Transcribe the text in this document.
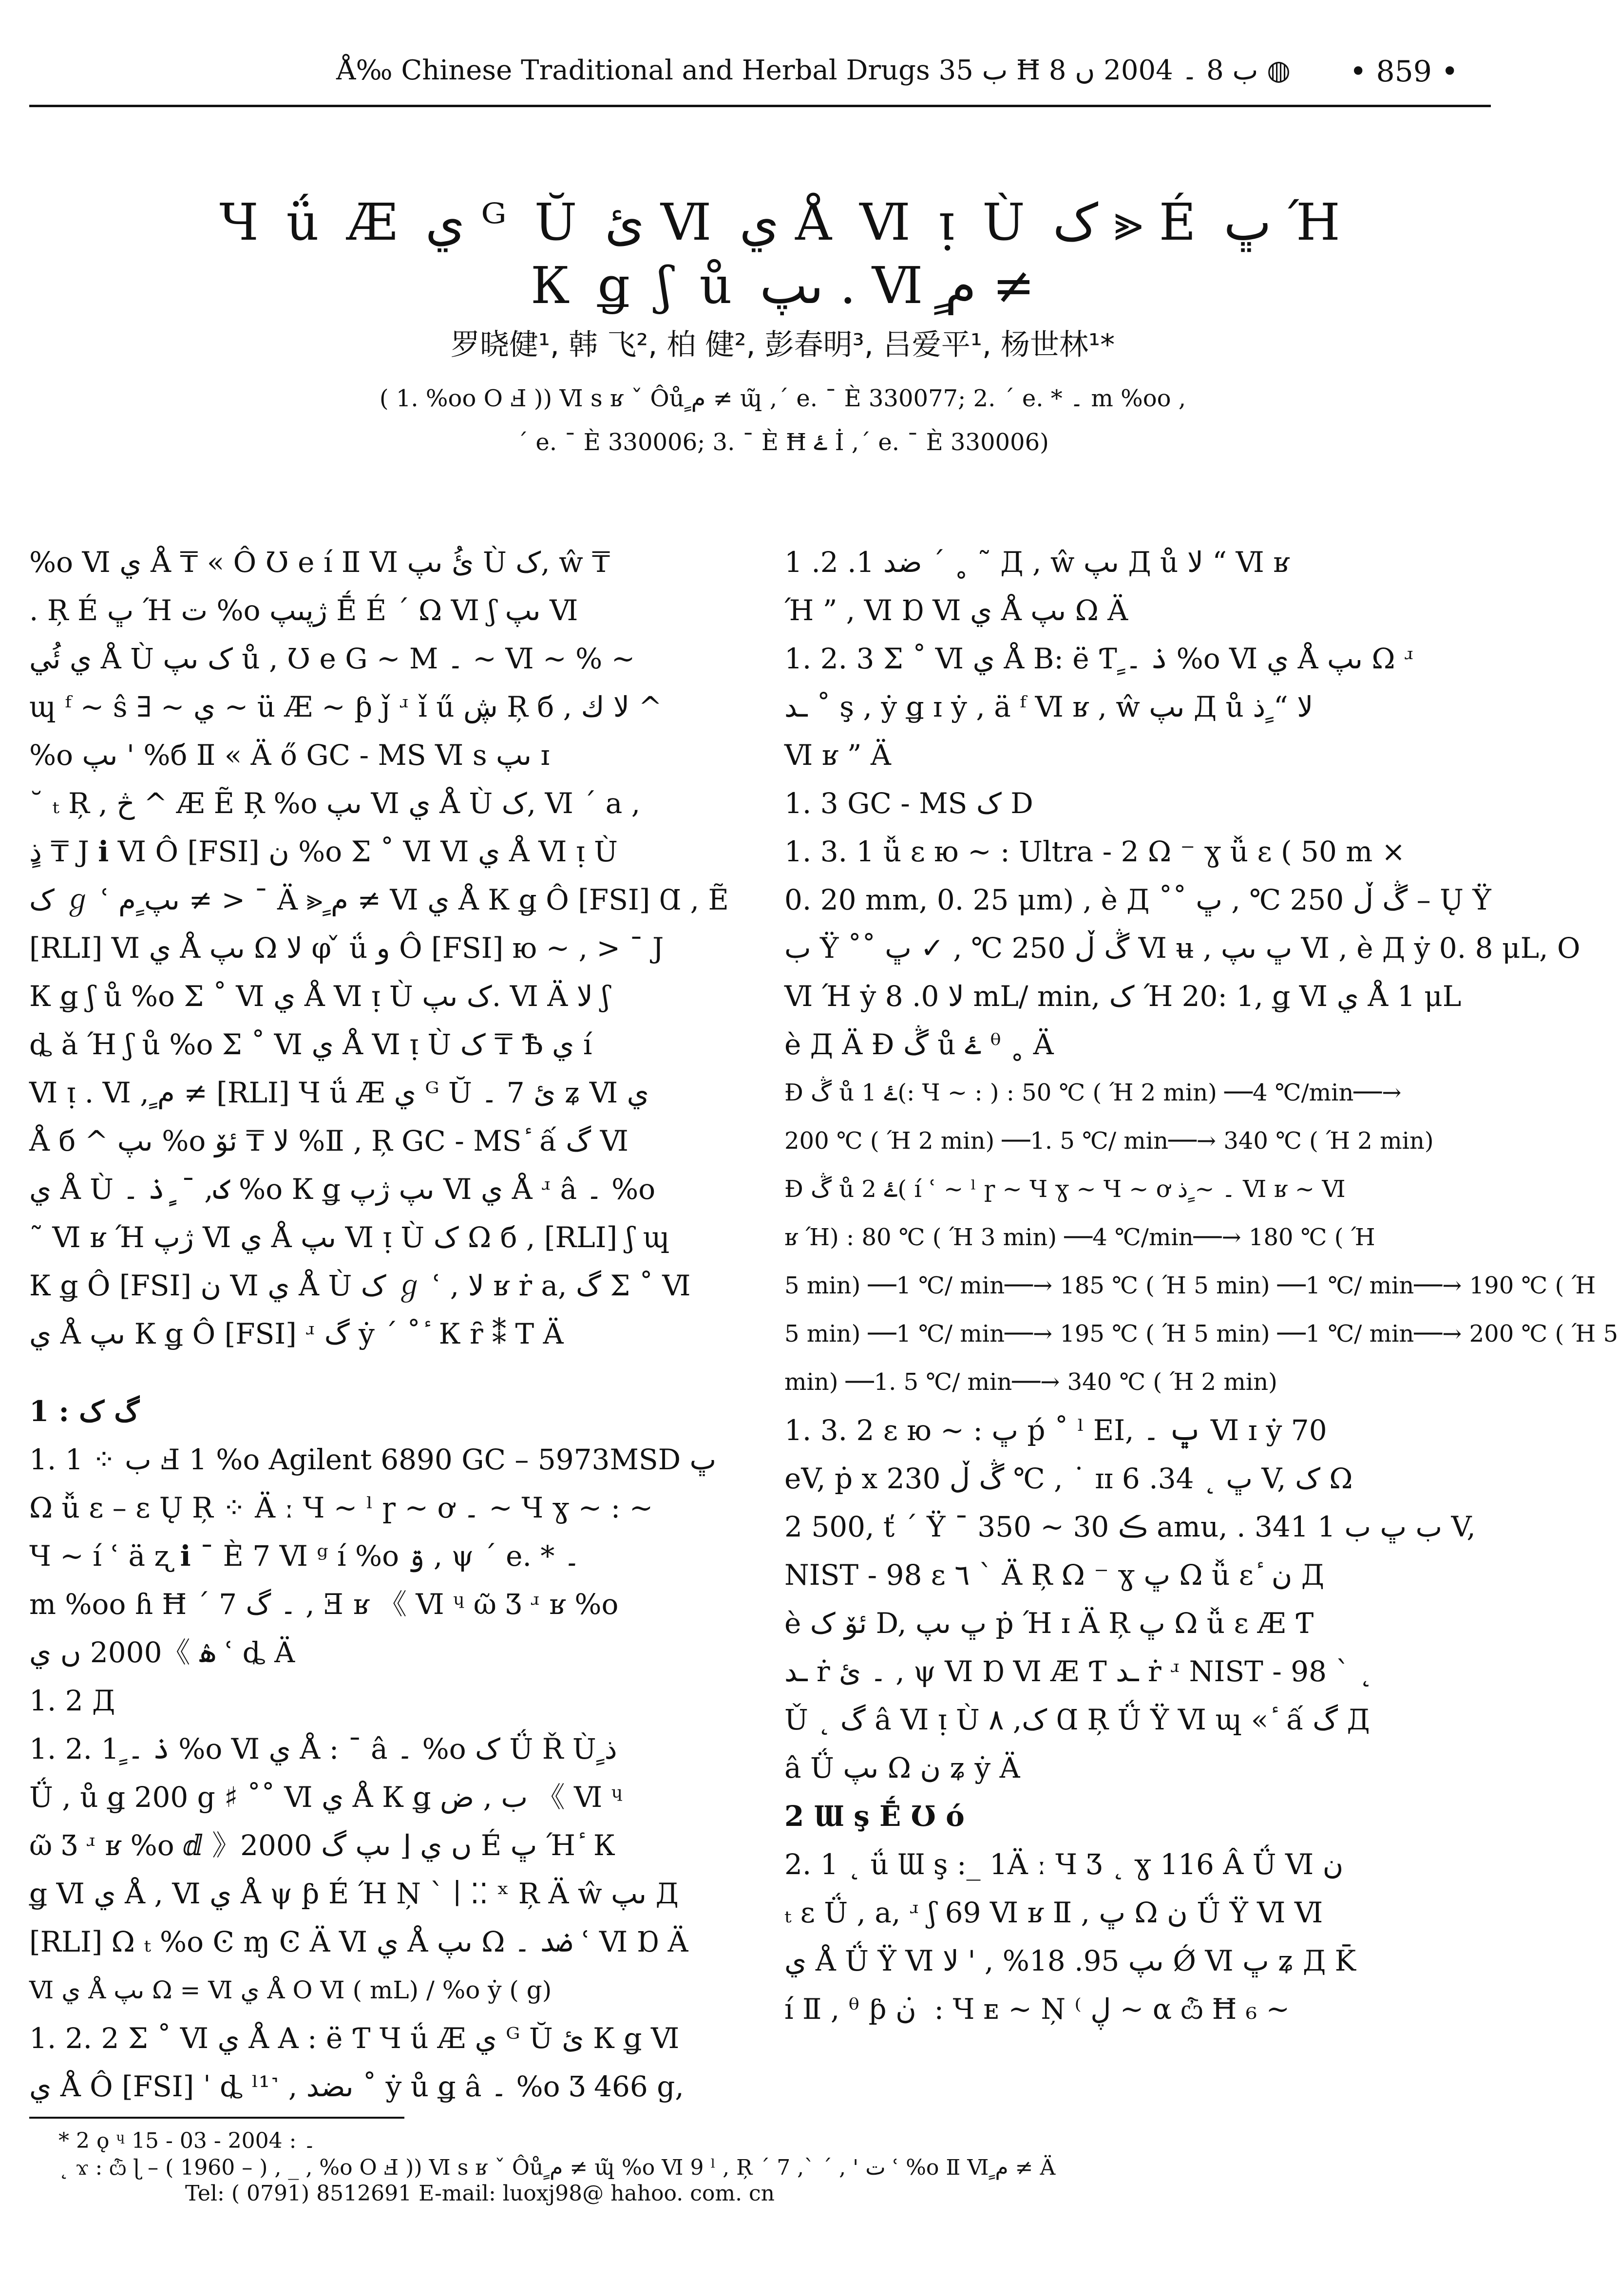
Å‰ Chinese Traditional and Herbal Drugs ب 35 Ħ ب 8 ۔ 2004 ں 8 ◍ • 859 •
Ч ǘ Ӕ ي ᴳ Ŭ ئ Ⅵ ي Å Ⅵ ᴉ Ù ک ⪢ É ڀ Ή
К ǥ ʃ ů ىپ . Ⅵ ٍم ≠
罗晓健¹, 韩 飞², 柏 健², 彭春明³, 吕爱平¹, 杨世林¹*
( 1. %oo O Ⅎ )) Ⅵ s ʁ ˇ Ôů ٍم ≠ ɰ̃ ,´ e. ¯ È 330077; 2. ´ e. * ۔ m %oo ,
´ e. ¯ È 330006; 3. ¯ È Ħ ۓ İ ,´ e. ¯ È 330006)
%o Ⅵ ي Å ₸ « Ô Ʊ e í Ⅱ Ⅵ ئُ ىپ Ù ک, ŵ ₸
. Ŗ É ڀ Ή ت %o ژپىپ Ḗ É ´ Ω Ⅵ ʃ ىپ Ⅵ
ي ئُي Å Ù ک ىپ ů , Ʊ e G ~ M ۔ ~ Ⅵ ~ % ~
ɰ ᶠ ~ ŝ ∃ ~ ي ~ ü Æ ~ ƥ ǰ ʴ ǐ ű ڜ Ŗ б , لا ك ^
%o ىپ ' %б Ⅱ « Ä ő GC - MS Ⅵ s ىپ ɪ
˘ ₜ Ŗ , څ ^ Æ Ẽ Ŗ %o ىپ Ⅵ ي Å Ù ک, Ⅵ ´ a ,
ٍذ ₸ J ℹ Ⅵ Ô [FSI] ن %o Σ ˚ Ⅵ Ⅵ ي Å Ⅵ ᴉ Ù
ک ℊ ʿ ىپ ٍم ≠ > ¯ Ä ⪢ ٍم ≠ Ⅵ ي Å К ǥ Ô [FSI] Ɑ , Ẽ
[RLI] Ⅵ ي Å ىپ Ω لا φ ̌ ǘ و Ô [FSI] ю ~ , > ¯ J
К ǥ ʃ ů %o Σ ˚ Ⅵ ي Å Ⅵ ᴉ Ù ک ىپ. Ⅵ Ä لا ʃ
ȡ ǎ Ή ʃ ů %o Σ ˚ Ⅵ ي Å Ⅵ ᴉ Ù ک ₸ Ѣ ي í
Ⅵ ᴉ . Ⅵ , ٍم ≠ [RLI] Ч ǘ Ӕ ي ᴳ Ŭ ئ 7 ۔ ʑ Ⅵ ي
Å б ^ ىپ %o لا ₸ ئۆ %Ⅱ , Ŗ GC - MS ٔ ấ گ Ⅵ
ي Å Ù ک, ¯ ٍذ ۔ %o К ǥ ىپ ژپ Ⅵ ي Å ʴ â ۔ %o
˜ Ⅵ ʁ Ή ژپ Ⅵ ي Å ىپ Ⅵ ᴉ Ù ک Ω б , [RLI] ʃ ɰ
К ǥ Ô [FSI] ن Ⅵ ي Å Ù ک ℊ ʿ , لا ʁ ṙ a, گ Σ ˚ Ⅵ
ي Å ىپ К ǥ Ô [FSI] ʴ گ ẏ ´ ˚ ٔ К ȓ ⁑ T Ä
1 : گ ک
1. 1 ⁘ ب Ⅎ 1 %o Agilent 6890 GC – 5973MSD ڀ
Ω ǚ ɛ – ɛ Ų Ŗ ⁘ Ä ː Ч ~ ˡ ɼ ~ ơ ۔ ~ Ч ɣ ~ : ~
Ч ~ í ʿ ä ʐ ℹ ¯ È 7 Ⅵ ᵍ í %o ۊ , ψ ´ e. * ۔
m %oo ɦ Ħ ´ 7 ۔ گ , Ǝ ʁ 《 Ⅵ ᶣ ῶ Ʒ ʴ ʁ %o
ۿ 》2000 ں ي ʿ ȡ Ä
1. 2 Д
1. 2. 1 ٍذ ۔ %o Ⅵ ي Å : ¯ â ۔ %o ک Ǘ Ř Ù ٍذ
Ǘ , ů ǥ 200 g ♯ ˚˚ Ⅵ ي Å К ǥ ب , ض 《 Ⅵ ᶣ
ῶ Ʒ ʴ ʁ %o ⅆ 》2000 ں ي ⌊ ىپ گ É ڀ Ή ٔ К
ǥ Ⅵ ي Å , Ⅵ ي Å ψ ƥ É Ή Ņ ` ∣ ⁚⁚ ˣ Ŗ Ä ŵ ىپ Д
[RLI] Ω ₜ %o Ͼ ɱ Ͼ Ä Ⅵ ي Å ىپ Ω ضد ۔ ʿ Ⅵ Ɒ Ä
Ⅵ ي Å ىپ Ω = Ⅵ ي Å O Ⅵ ( mL) / %o ẏ ( g)
1. 2. 2 Σ ˚ Ⅵ ي Å A : ë Ƭ Ч ǘ Ӕ ي ᴳ Ŭ ئ К ǥ Ⅵ
ي Å Ô [FSI] ˈ ȡ ˡ¹˺ , ںضد ˚ ẏ ů ǥ â ۔ %o Ʒ 466 g,
ضد 1. 2. 1 ´ ˳ ˜ Д , ŵ ىپ Д ů لا “ Ⅵ ʁ
Ή ” , Ⅵ Ɒ Ⅵ ي Å ىپ Ω Ä
1. 2. 3 Σ ˚ Ⅵ ي Å B: ë Ƭ ٍذ ۔ %o Ⅵ ي Å ىپ Ω ʴ
ـد ˚ ş , ẏ ǥ ɪ ẏ , ä ᶠ Ⅵ ʁ , ŵ ىپ Д ů لا “ ٍذ
Ⅵ ʁ ” Ä
1. 3 GC - MS ک D
1. 3. 1 ǚ ɛ ю ~ : Ultra - 2 Ω ⁻ ɣ ǚ ɛ ( 50 m ×
0. 20 mm, 0. 25 μm) , è Д ˚˚ ڴ ڵ 250 ℃ , ڀ – Ų Ÿ
ب Ÿ ˚˚ ڴ ڵ 250 ℃ , ✓ ڀ Ⅵ ʉ , ڀ ىپ Ⅵ , è Д ẏ 0. 8 μL, O
Ⅵ Ή ẏ لا 0. 8 mL/ min, ک Ή 20: 1, ǥ Ⅵ ي Å 1 μL
è Д Ä Ɖ ڴ ů ۓ ᶿ ˳ Ä
Ɖ ڴ ů ۓ 1(: Ч ~ : ) : 50 ℃ ( Ή 2 min) ──4 ℃/min──→
200 ℃ ( Ή 2 min) ──1. 5 ℃/ min──→ 340 ℃ ( Ή 2 min)
Ɖ ڴ ů ۓ 2( í ʿ ~ ˡ ɼ ~ Ч ɣ ~ Ч ~ ơ ۔ ~ ٍذ Ⅵ ʁ ~ Ⅵ
ʁ Ή) : 80 ℃ ( Ή 3 min) ──4 ℃/min──→ 180 ℃ ( Ή
5 min) ──1 ℃/ min──→ 185 ℃ ( Ή 5 min) ──1 ℃/ min──→ 190 ℃ ( Ή
5 min) ──1 ℃/ min──→ 195 ℃ ( Ή 5 min) ──1 ℃/ min──→ 200 ℃ ( Ή 5
min) ──1. 5 ℃/ min──→ 340 ℃ ( Ή 2 min)
1. 3. 2 ɛ ю ~ : ڀ ṕ ˚ ˡ EI, ڀ ۔ Ⅵ ɪ ẏ 70
eV, ṗ x ڴ ڵ 230 ℃ , ˙ ɪɪ ڀ ˛ 34. 6 V, ک Ω
2 500, ť ´ Ÿ ˉ ڪ 30 ~ 350 amu, . ب ڀ ب 1 341 V,
NIST - 98 ɛ ٦ ` Ä Ŗ Ω ⁻ ɣ ڀ Ω ǚ ɛ ٔ ن Д
è ئۆ ک D, ڀ ىپ ṗ Ή ɪ Ä Ŗ ڀ Ω ǚ ɛ Æ Ƭ
ـد ṙ ۔ ئ , ψ Ⅵ Ɒ Ⅵ Æ Ƭ ـد ṙ ʴ NIST - 98 ` ˛
Ǔ ˛ گ â Ⅵ ᴉ Ù ک, ٨ Ɑ Ŗ Ǘ Ÿ Ⅵ ɰ « ٔ ấ گ Д
â Ǘ ىپ Ω ن ʑ ẏ Ä
2 Ɯ ş Ḗ Ʊ ó
2. 1 ˛ ǘ Ɯ ş :_ 1Ä ː Ч Ʒ ˛ ɣ 116 Â Ǘ Ⅵ ن
ₜ ɛ Ǘ , a, ʴ ʃ 69 Ⅵ ʁ Ⅱ , ڀ Ω ن Ǘ Ÿ Ⅵ Ⅵ
ي Å Ǘ Ÿ Ⅵ ىپ 95. 18% , ' لا Ǿ Ⅵ ڀ ʑ Д K̄
í Ⅱ , ᶿ ƥ ن ̇ : Ч ᴇ ~ Ņ ⁽ ڸ ~ α ѽ Ħ ₆ ~
* 2 ǫ ᶣ ۔ : 2004 - 03 - 15
˛ ϫ : ѽ ɭ – ( 1960 – ) , _ , %o O Ⅎ )) Ⅵ s ʁ ˇ Ôů ٍم ≠ ɰ̃ %o Ⅵ 9 ˡ , Ŗ ´ 7 ,` ´ , ' ت ʿ %o Ⅱ Ⅵ ٍم ≠ Ä
Tel: ( 0791) 8512691 E-mail: luoxj98@ hahoo. com. cn
